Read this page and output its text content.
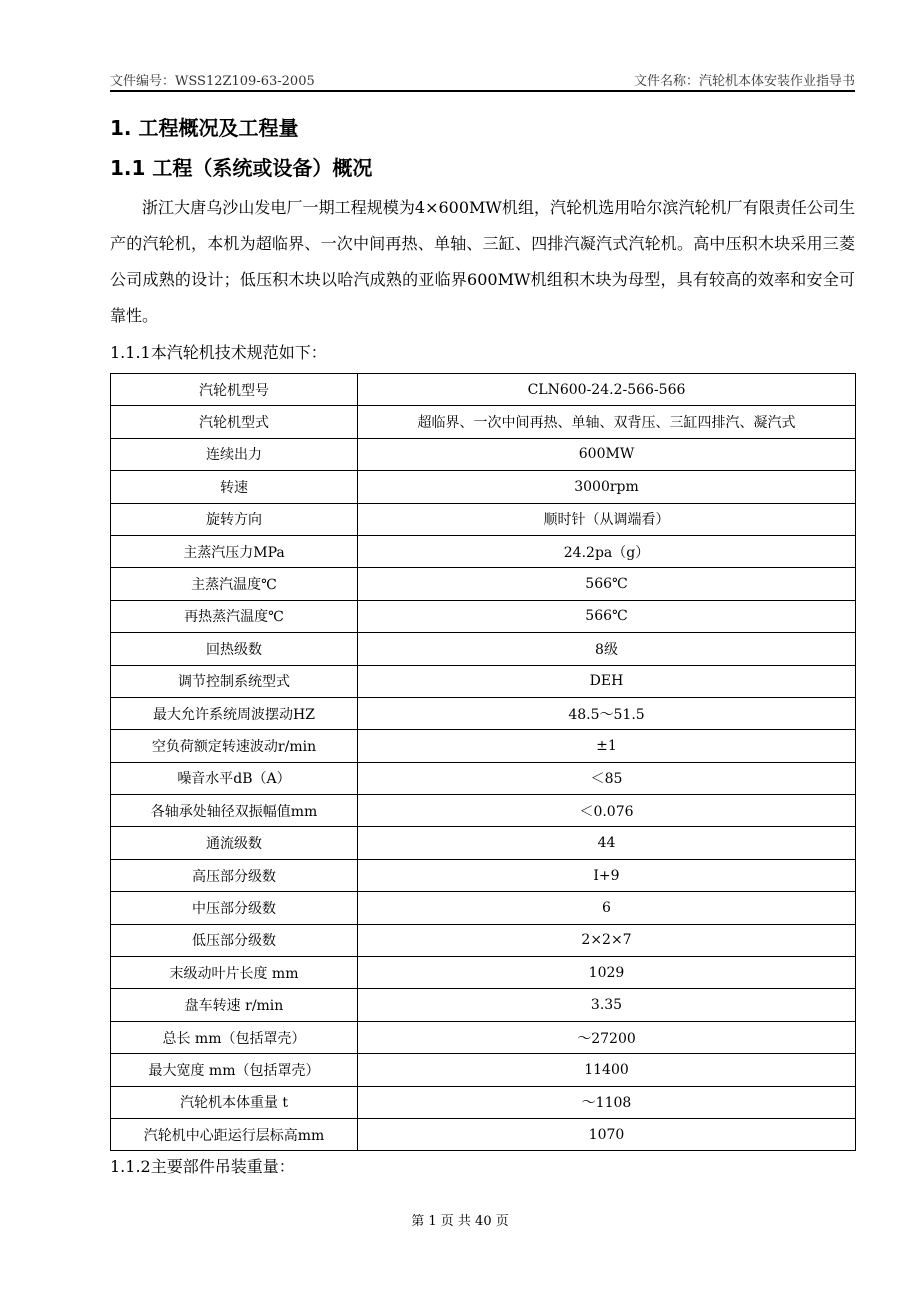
文件编号：WSS12Z109-63-2005	文件名称：汽轮机本体安装作业指导书
1. 工程概况及工程量
1.1 工程（系统或设备）概况
浙江大唐乌沙山发电厂一期工程规模为4×600MW机组，汽轮机选用哈尔滨汽轮机厂有限责任公司生产的汽轮机，本机为超临界、一次中间再热、单轴、三缸、四排汽凝汽式汽轮机。高中压积木块采用三菱公司成熟的设计；低压积木块以哈汽成熟的亚临界600MW机组积木块为母型，具有较高的效率和安全可靠性。
1.1.1本汽轮机技术规范如下：
汽轮机型号	CLN600-24.2-566-566
汽轮机型式	超临界、一次中间再热、单轴、双背压、三缸四排汽、凝汽式
连续出力	600MW
转速	3000rpm
旋转方向	顺时针（从调端看）
主蒸汽压力MPa	24.2pa（g）
主蒸汽温度℃	566℃
再热蒸汽温度℃	566℃
回热级数	8级
调节控制系统型式	DEH
最大允许系统周波摆动HZ	48.5～51.5
空负荷额定转速波动r/min	±1
噪音水平dB（A）	＜85
各轴承处轴径双振幅值mm	＜0.076
通流级数	44
高压部分级数	I+9
中压部分级数	6
低压部分级数	2×2×7
末级动叶片长度 mm	1029
盘车转速 r/min	3.35
总长 mm（包括罩壳）	～27200
最大宽度 mm（包括罩壳）	11400
汽轮机本体重量 t	～1108
汽轮机中心距运行层标高mm	1070
1.1.2主要部件吊装重量：
第 1 页 共 40 页
